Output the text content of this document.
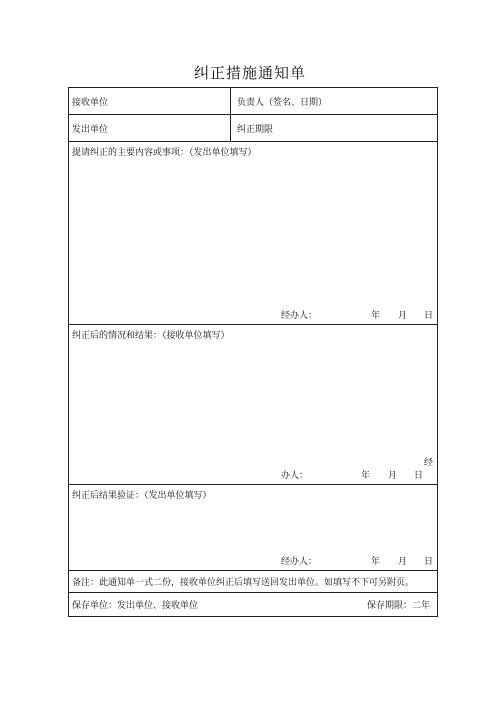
纠正措施通知单
接收单位	负责人（签名、日期）
发出单位	纠正期限
提请纠正的主要内容或事项：（发出单位填写）
经办人：	年 月 日
纠正后的情况和结果：（接收单位填写）
经
办人：	年 月 日
纠正后结果验证：（发出单位填写）
经办人：	年 月 日
备注：此通知单一式二份，接收单位纠正后填写送回发出单位。如填写不下可另附页。
保存单位：发出单位、接收单位	保存期限：二年
